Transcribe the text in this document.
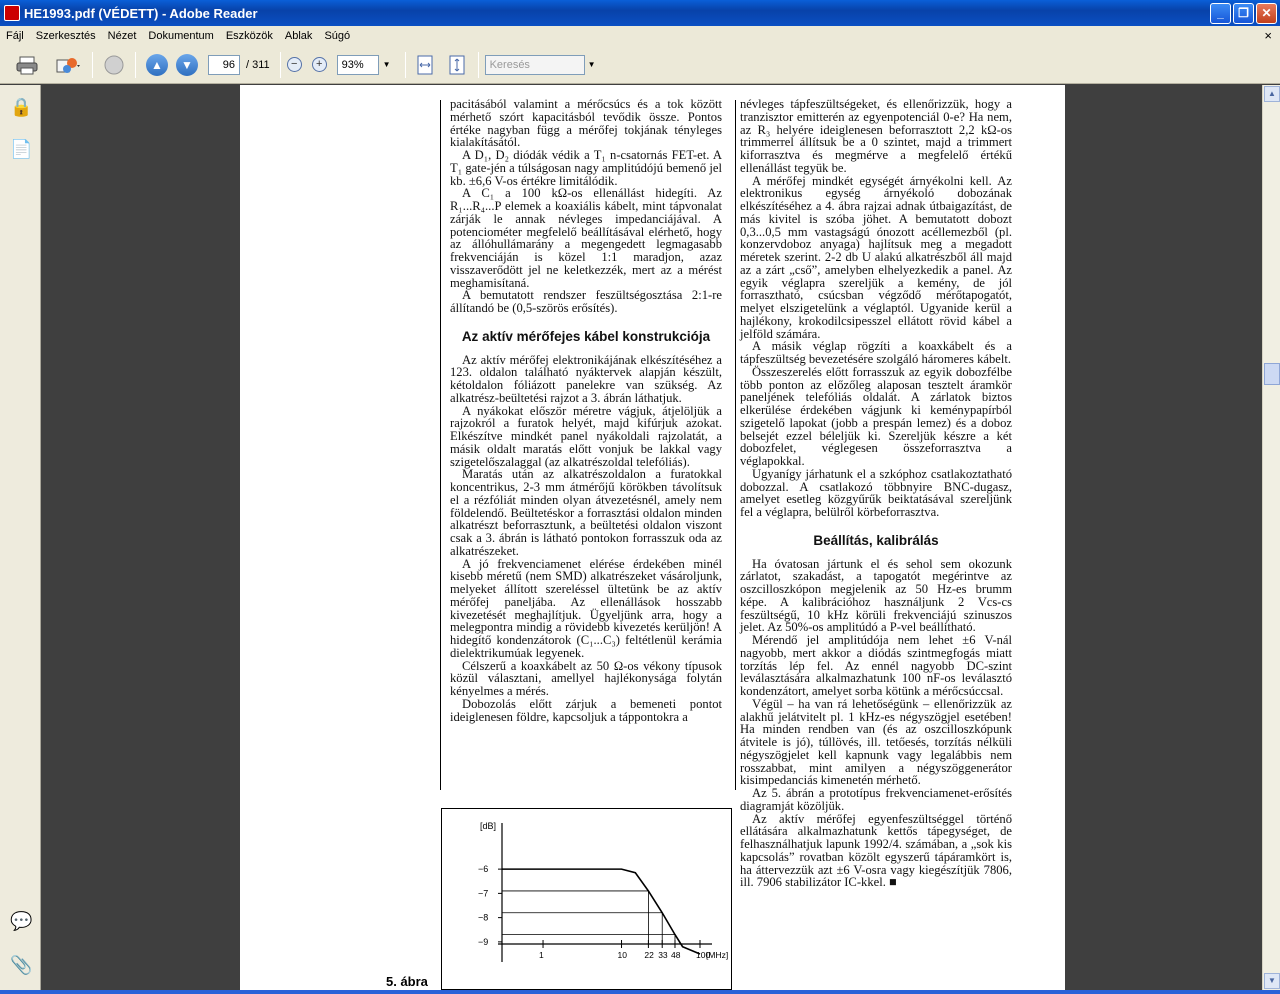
HE1993.pdf (VÉDETT) - Adobe Reader	_	❐	✕
Fájl	Szerkesztés	Nézet	Dokumentum	Eszközök	Ablak	Súgó	×
▲	▼	96	/ 311	−	+	93%	▼	Keresés	▼
🔒
📄
💬
📎

pacitásából valamint a mérőcsúcs és a tok között mérhető szórt kapacitásból tevődik össze. Pontos értéke nagyban függ a mérőfej tokjának tényleges kialakításától.

A D₁, D₂ diódák védik a T₁ n-csatornás FET-et. A T₁ gate-jén a túlságosan nagy amplitúdójú bemenő jel kb. ±6,6 V-os értékre limitálódik.

A C₁ a 100 kΩ-os ellenállást hidegíti. Az R₁...R₄...P elemek a koaxiális kábelt, mint tápvonalat zárják le annak névleges impedanciájával. A potenciométer megfelelő beállításával elérhető, hogy az állóhullámarány a megengedett legmagasabb frekvenciáján is közel 1:1 maradjon, azaz visszaverődött jel ne keletkezzék, mert az a mérést meghamisítaná.

A bemutatott rendszer feszültségosztása 2:1-re állítandó be (0,5-szörös erősítés).

Az aktív mérőfejes kábel konstrukciója

Az aktív mérőfej elektronikájának elkészítéséhez a 123. oldalon található nyáktervek alapján készült, kétoldalon fóliázott panelekre van szükség. Az alkatrész-beültetési rajzot a 3. ábrán láthatjuk.

A nyákokat először méretre vágjuk, átjelöljük a rajzokról a furatok helyét, majd kifúrjuk azokat. Elkészítve mindkét panel nyákoldali rajzolatát, a másik oldalt maratás előtt vonjuk be lakkal vagy szigetelőszalaggal (az alkatrészoldal telefóliás).

Maratás után az alkatrészoldalon a furatokkal koncentrikus, 2-3 mm átmérőjű körökben távolítsuk el a rézfóliát minden olyan átvezetésnél, amely nem földelendő. Beültetéskor a forrasztási oldalon minden alkatrészt beforrasztunk, a beültetési oldalon viszont csak a 3. ábrán is látható pontokon forrasszuk oda az alkatrészeket.

A jó frekvenciamenet elérése érdekében minél kisebb méretű (nem SMD) alkatrészeket vásároljunk, melyeket állított szereléssel ültetünk be az aktív mérőfej paneljába. Az ellenállások hosszabb kivezetését meghajlítjuk. Ügyeljünk arra, hogy a melegpontra mindig a rövidebb kivezetés kerüljön! A hidegítő kondenzátorok (C₁...C₃) feltétlenül kerámia dielektrikumúak legyenek.

Célszerű a koaxkábelt az 50 Ω-os vékony típusok közül választani, amellyel hajlékonysága folytán kényelmes a mérés.

Dobozolás előtt zárjuk a bemeneti pontot ideiglenesen földre, kapcsoljuk a táppontokra a

névleges tápfeszültségeket, és ellenőrizzük, hogy a tranzisztor emitterén az egyenpotenciál 0-e? Ha nem, az R₃ helyére ideiglenesen beforrasztott 2,2 kΩ-os trimmerrel állítsuk be a 0 szintet, majd a trimmert kiforrasztva és megmérve a megfelelő értékű ellenállást tegyük be.

A mérőfej mindkét egységét árnyékolni kell. Az elektronikus egység árnyékoló dobozának elkészítéséhez a 4. ábra rajzai adnak útbaigazítást, de más kivitel is szóba jöhet. A bemutatott dobozt 0,3...0,5 mm vastagságú ónozott acéllemezből (pl. konzervdoboz anyaga) hajlítsuk meg a megadott méretek szerint. 2-2 db U alakú alkatrészből áll majd az a zárt „cső”, amelyben elhelyezkedik a panel. Az egyik véglapra szereljük a kemény, de jól forrasztható, csúcsban végződő mérőtapogatót, melyet elszigetelünk a véglaptól. Ugyanide kerül a hajlékony, krokodilcsipesszel ellátott rövid kábel a jelföld számára.

A másik véglap rögzíti a koaxkábelt és a tápfeszültség bevezetésére szolgáló háromeres kábelt.

Összeszerelés előtt forrasszuk az egyik dobozfélbe több ponton az előzőleg alaposan tesztelt áramkör paneljének telefóliás oldalát. A zárlatok biztos elkerülése érdekében vágjunk ki keménypapírból szigetelő lapokat (jobb a prespán lemez) és a doboz belsejét ezzel béleljük ki. Szereljük készre a két dobozfelet, véglegesen összeforrasztva a véglapokkal.

Ugyanígy járhatunk el a szkóphoz csatlakoztatható dobozzal. A csatlakozó többnyire BNC-dugasz, amelyet esetleg közgyűrűk beiktatásával szereljünk fel a véglapra, belülről körbeforrasztva.

Beállítás, kalibrálás

Ha óvatosan jártunk el és sehol sem okozunk zárlatot, szakadást, a tapogatót megérintve az oszcilloszkópon megjelenik az 50 Hz-es brumm képe. A kalibrációhoz használjunk 2 Vcs-cs feszültségű, 10 kHz körüli frekvenciájú szinuszos jelet. Az 50%-os amplitúdó a P-vel beállítható.

Mérendő jel amplitúdója nem lehet ±6 V-nál nagyobb, mert akkor a diódás szintmegfogás miatt torzítás lép fel. Az ennél nagyobb DC-szint leválasztására alkalmazhatunk 100 nF-os leválasztó kondenzátort, amelyet sorba kötünk a mérőcsúccsal.

Végül – ha van rá lehetőségünk – ellenőrizzük az alakhű jelátvitelt pl. 1 kHz-es négyszögjel esetében! Ha minden rendben van (és az oszcilloszkópunk átvitele is jó), túllövés, ill. tetőesés, torzítás nélküli négyszögjelet kell kapnunk vagy legalábbis nem rosszabbat, mint amilyen a négyszöggenerátor kisimpedanciás kimenetén mérhető.

Az 5. ábrán a prototípus frekvenciamenet-erősítés diagramját közöljük.

Az aktív mérőfej egyenfeszültséggel történő ellátására alkalmazhatunk kettős tápegységet, de felhasználhatjuk lapunk 1992/4. számában, a „sok kis kapcsolás” rovatban közölt egyszerű tápáramkört is, ha áttervezzük azt ±6 V-osra vagy kiegészítjük 7806, ill. 7906 stabilizátor IC-kkel. ■

[dB]
−6
−7
−8
−9
1	10 22 33 48 100
[MHz]
5. ábra
▲
▼
